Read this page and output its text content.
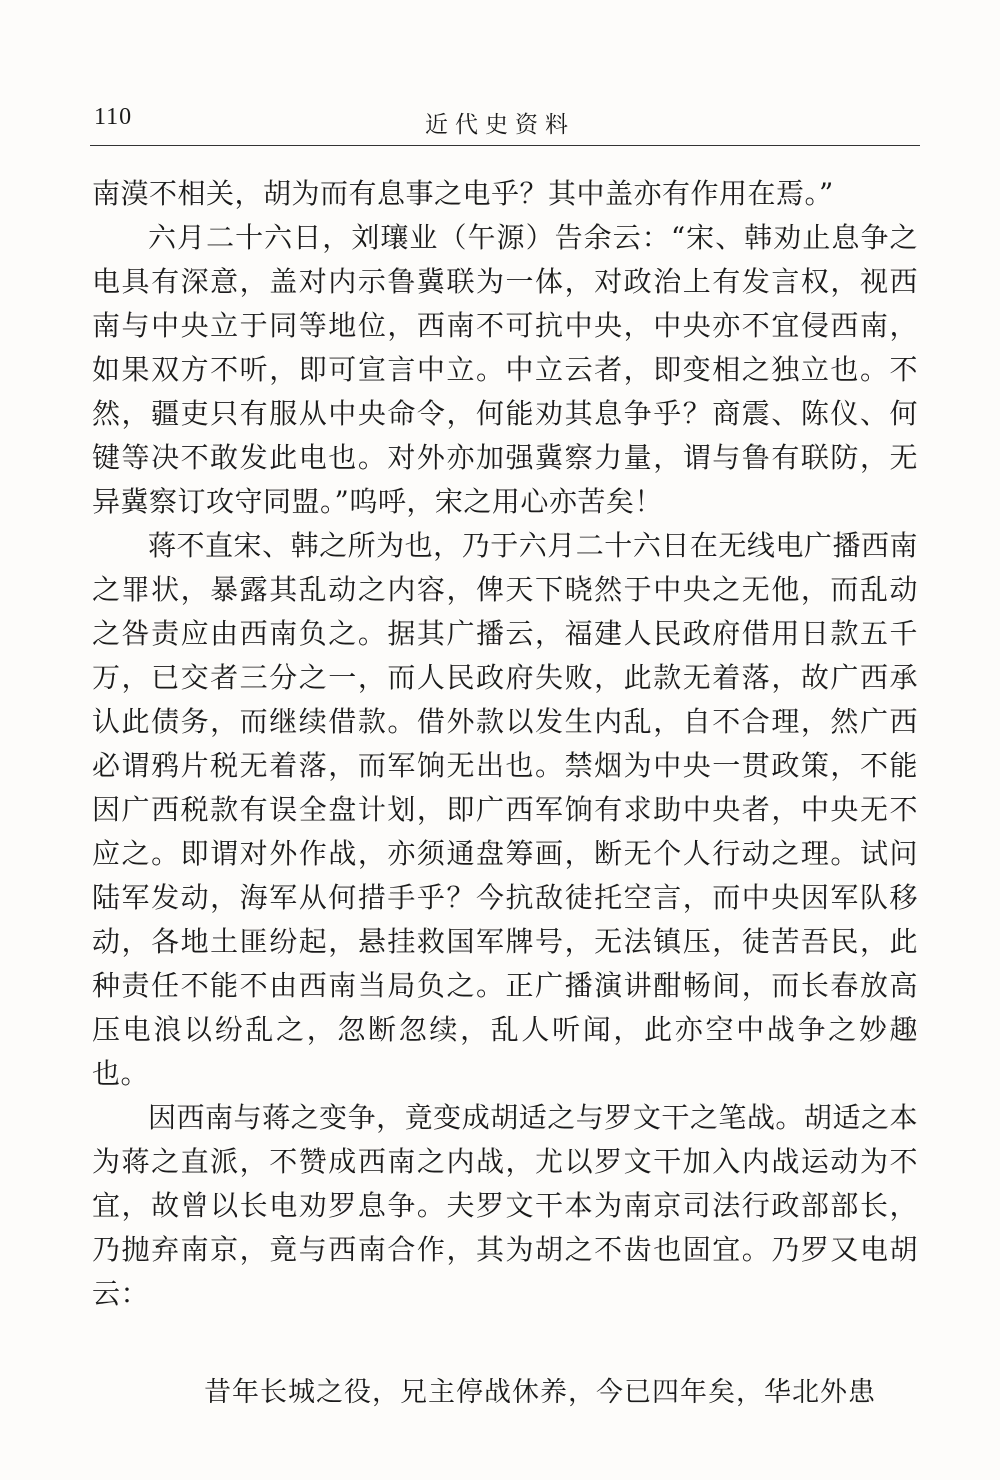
110	近代史资料

南漠不相关，胡为而有息事之电乎？其中盖亦有作用在焉。”

六月二十六日，刘瓖业（午源）告余云：“宋、韩劝止息争之电具有深意，盖对内示鲁冀联为一体，对政治上有发言权，视西南与中央立于同等地位，西南不可抗中央，中央亦不宜侵西南，如果双方不听，即可宣言中立。中立云者，即变相之独立也。不然，疆吏只有服从中央命令，何能劝其息争乎？商震、陈仪、何键等决不敢发此电也。对外亦加强冀察力量，谓与鲁有联防，无异冀察订攻守同盟。”呜呼，宋之用心亦苦矣！

蒋不直宋、韩之所为也，乃于六月二十六日在无线电广播西南之罪状，暴露其乱动之内容，俾天下晓然于中央之无他，而乱动之咎责应由西南负之。据其广播云，福建人民政府借用日款五千万，已交者三分之一，而人民政府失败，此款无着落，故广西承认此债务，而继续借款。借外款以发生内乱，自不合理，然广西必谓鸦片税无着落，而军饷无出也。禁烟为中央一贯政策，不能因广西税款有误全盘计划，即广西军饷有求助中央者，中央无不应之。即谓对外作战，亦须通盘筹画，断无个人行动之理。试问陆军发动，海军从何措手乎？今抗敌徒托空言，而中央因军队移动，各地土匪纷起，悬挂救国军牌号，无法镇压，徒苦吾民，此种责任不能不由西南当局负之。正广播演讲酣畅间，而长春放高压电浪以纷乱之，忽断忽续，乱人听闻，此亦空中战争之妙趣也。

因西南与蒋之变争，竟变成胡适之与罗文干之笔战。胡适之本为蒋之直派，不赞成西南之内战，尤以罗文干加入内战运动为不宜，故曾以长电劝罗息争。夫罗文干本为南京司法行政部部长，乃抛弃南京，竟与西南合作，其为胡之不齿也固宜。乃罗又电胡云：

昔年长城之役，兄主停战休养，今已四年矣，华北外患
